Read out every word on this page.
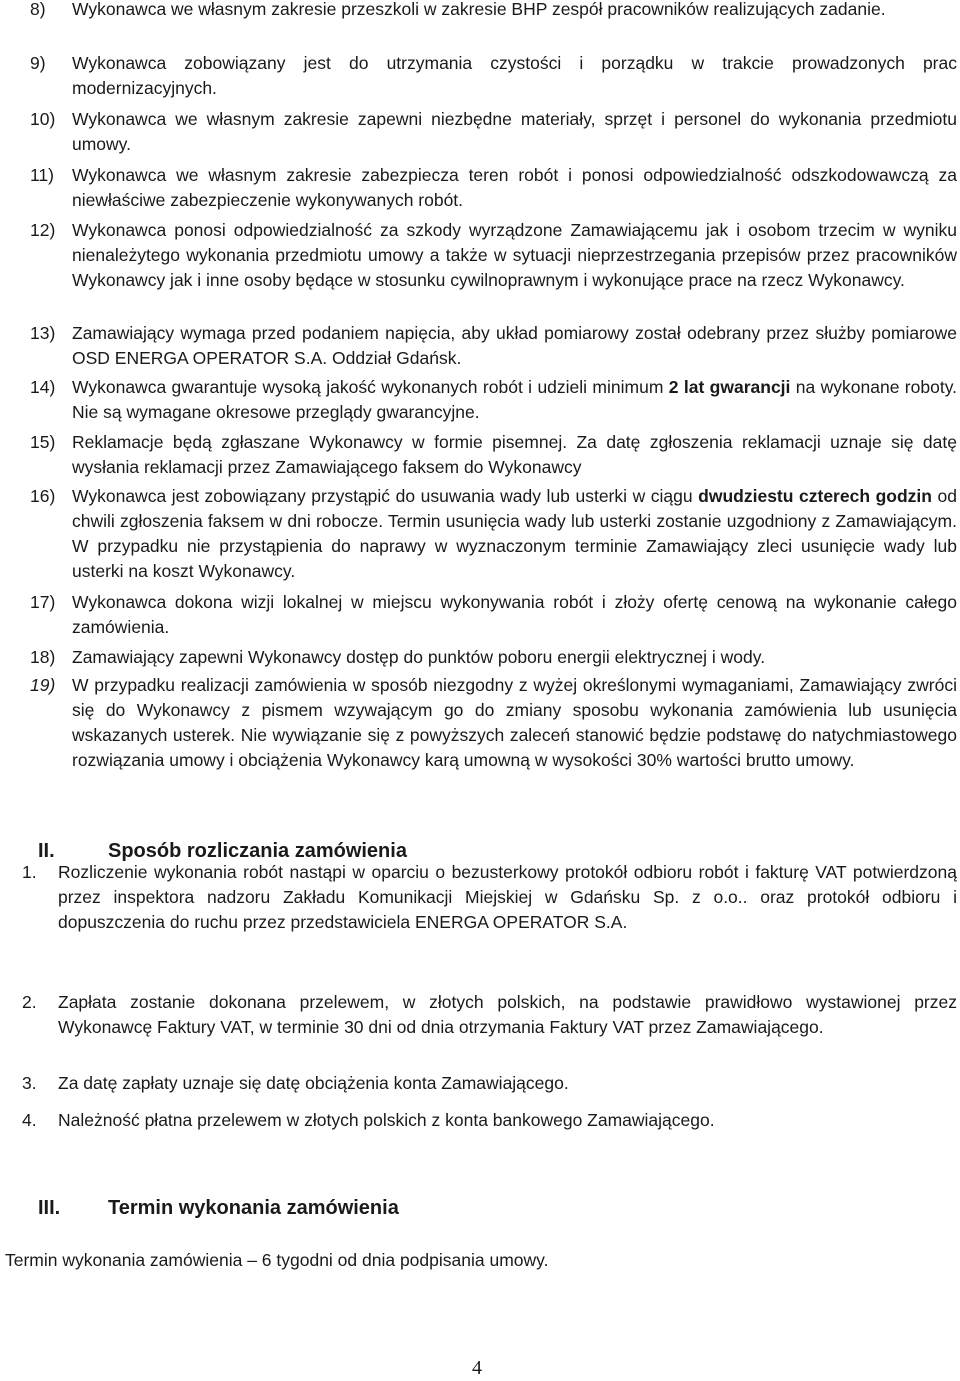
8)	Wykonawca we własnym zakresie przeszkoli w zakresie BHP zespół pracowników realizujących zadanie.
9)	Wykonawca zobowiązany jest do utrzymania czystości i porządku w trakcie prowadzonych prac modernizacyjnych.
10) Wykonawca we własnym zakresie zapewni niezbędne materiały, sprzęt i personel do wykonania przedmiotu umowy.
11)	Wykonawca we własnym zakresie zabezpiecza teren robót i ponosi odpowiedzialność odszkodowawczą za niewłaściwe zabezpieczenie wykonywanych robót.
12) Wykonawca ponosi odpowiedzialność za szkody wyrządzone Zamawiającemu jak i osobom trzecim w wyniku nienależytego wykonania przedmiotu umowy a także w sytuacji nieprzestrzegania przepisów przez pracowników Wykonawcy jak i inne osoby będące w stosunku cywilnoprawnym i wykonujące prace na rzecz Wykonawcy.
13) Zamawiający wymaga przed podaniem napięcia, aby układ pomiarowy został odebrany przez służby pomiarowe OSD ENERGA OPERATOR S.A. Oddział Gdańsk.
14) Wykonawca gwarantuje wysoką jakość wykonanych robót i udzieli minimum 2 lat gwarancji na wykonane roboty. Nie są wymagane okresowe przeglądy gwarancyjne.
15) Reklamacje będą zgłaszane Wykonawcy w formie pisemnej. Za datę zgłoszenia reklamacji uznaje się datę wysłania reklamacji przez Zamawiającego faksem do Wykonawcy
16) Wykonawca jest zobowiązany przystąpić do usuwania wady lub usterki w ciągu dwudziestu czterech godzin od chwili zgłoszenia faksem w dni robocze. Termin usunięcia wady lub usterki zostanie uzgodniony z Zamawiającym. W przypadku nie przystąpienia do naprawy w wyznaczonym terminie Zamawiający zleci usunięcie wady lub usterki na koszt Wykonawcy.
17) Wykonawca dokona wizji lokalnej w miejscu wykonywania robót i złoży ofertę cenową na wykonanie całego zamówienia.
18) Zamawiający zapewni Wykonawcy dostęp do punktów poboru energii elektrycznej i wody.
19) W przypadku realizacji zamówienia w sposób niezgodny z wyżej określonymi wymaganiami, Zamawiający zwróci się do Wykonawcy z pismem wzywającym go do zmiany sposobu wykonania zamówienia lub usunięcia wskazanych usterek. Nie wywiązanie się z powyższych zaleceń stanowić będzie podstawę do natychmiastowego rozwiązania umowy i obciążenia Wykonawcy karą umowną w wysokości 30% wartości brutto umowy.
II.	Sposób rozliczania zamówienia
1.	Rozliczenie wykonania robót nastąpi w oparciu o bezusterkowy protokół odbioru robót i fakturę VAT potwierdzoną przez inspektora nadzoru Zakładu Komunikacji Miejskiej w Gdańsku Sp. z o.o.. oraz protokół odbioru i dopuszczenia do ruchu przez przedstawiciela ENERGA OPERATOR S.A.
2.	Zapłata zostanie dokonana przelewem, w złotych polskich, na podstawie prawidłowo wystawionej przez Wykonawcę Faktury VAT, w terminie 30 dni od dnia otrzymania Faktury VAT przez Zamawiającego.
3.	Za datę zapłaty uznaje się datę obciążenia konta Zamawiającego.
4.	Należność płatna przelewem w złotych polskich z konta bankowego Zamawiającego.
III.	Termin wykonania zamówienia
Termin wykonania zamówienia – 6 tygodni od dnia podpisania umowy.
4
